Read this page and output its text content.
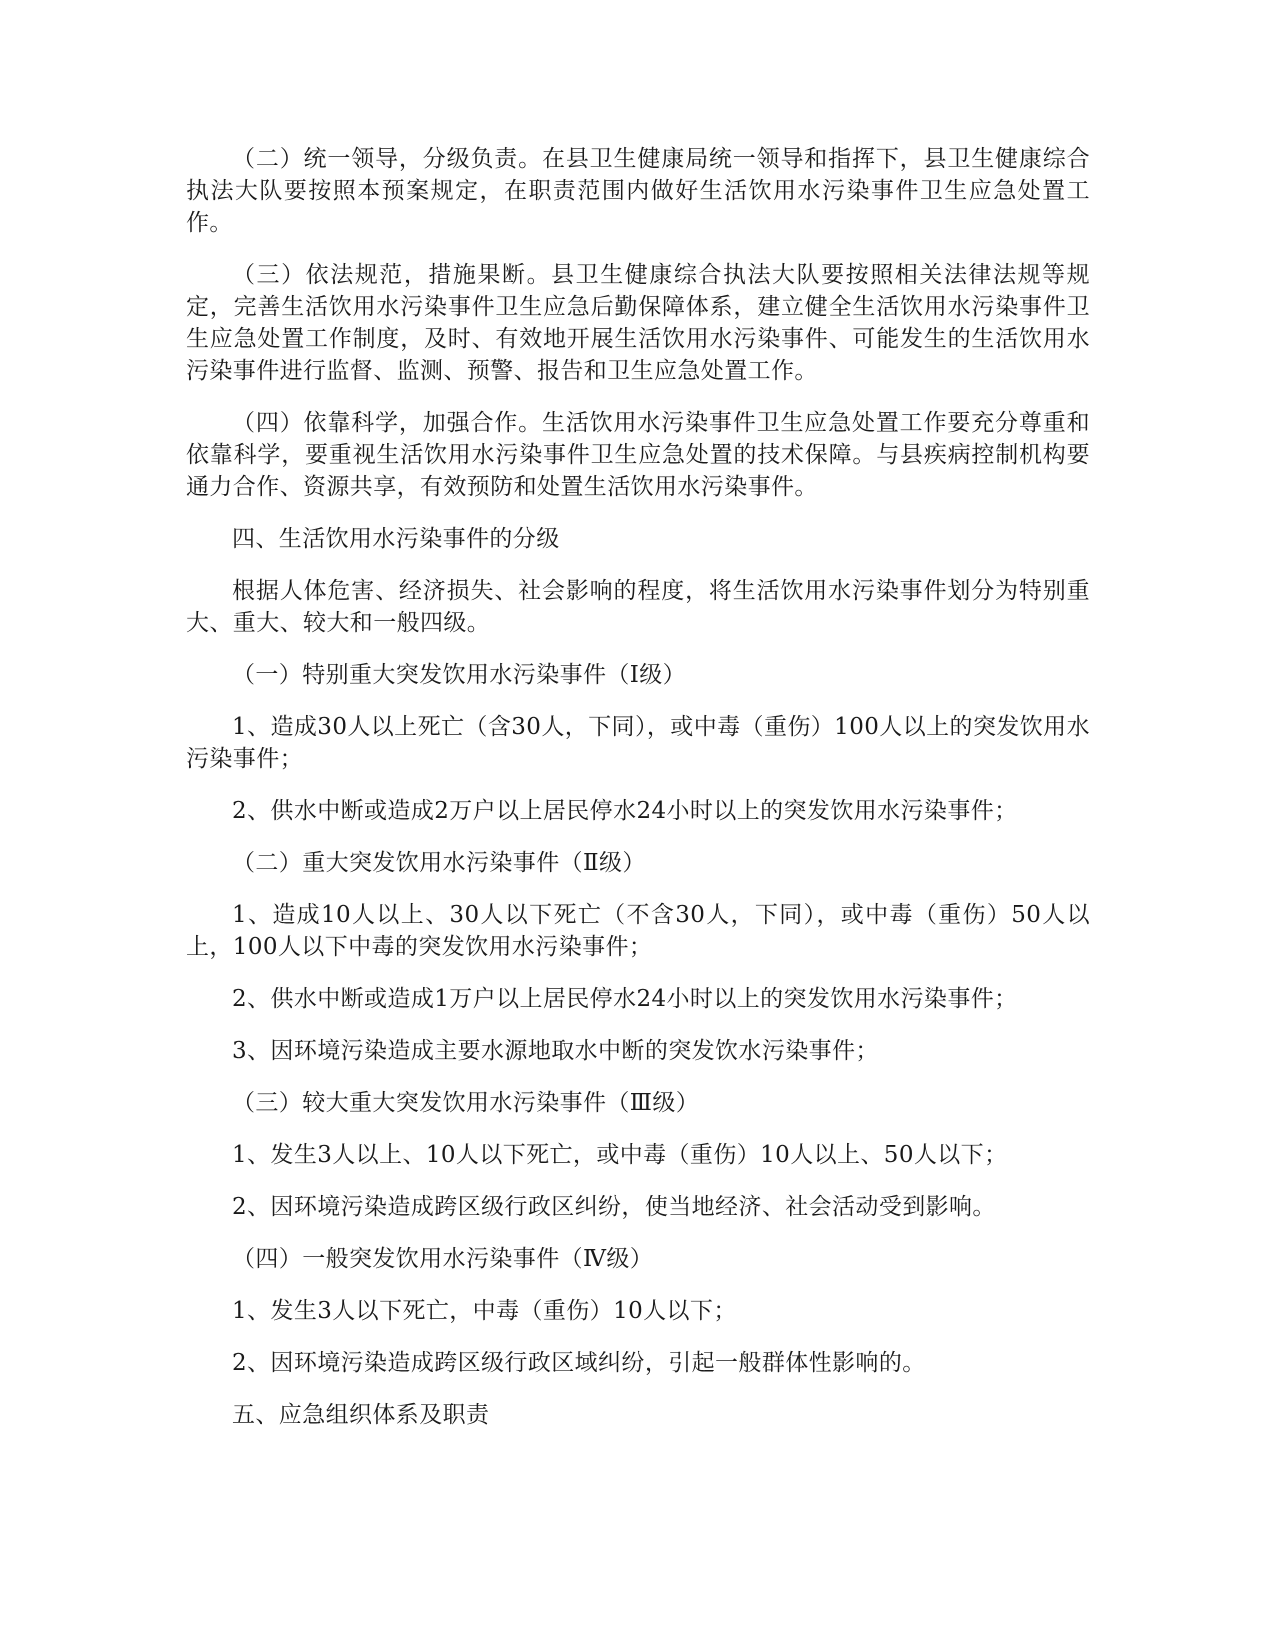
（二）统一领导，分级负责。在县卫生健康局统一领导和指挥下，县卫生健康综合执法大队要按照本预案规定，在职责范围内做好生活饮用水污染事件卫生应急处置工作。

（三）依法规范，措施果断。县卫生健康综合执法大队要按照相关法律法规等规定，完善生活饮用水污染事件卫生应急后勤保障体系，建立健全生活饮用水污染事件卫生应急处置工作制度，及时、有效地开展生活饮用水污染事件、可能发生的生活饮用水污染事件进行监督、监测、预警、报告和卫生应急处置工作。

（四）依靠科学，加强合作。生活饮用水污染事件卫生应急处置工作要充分尊重和依靠科学，要重视生活饮用水污染事件卫生应急处置的技术保障。与县疾病控制机构要通力合作、资源共享，有效预防和处置生活饮用水污染事件。

四、生活饮用水污染事件的分级

根据人体危害、经济损失、社会影响的程度，将生活饮用水污染事件划分为特别重大、重大、较大和一般四级。

（一）特别重大突发饮用水污染事件（Ⅰ级）

1、造成30人以上死亡（含30人，下同），或中毒（重伤）100人以上的突发饮用水污染事件；

2、供水中断或造成2万户以上居民停水24小时以上的突发饮用水污染事件；

（二）重大突发饮用水污染事件（Ⅱ级）

1、造成10人以上、30人以下死亡（不含30人，下同），或中毒（重伤）50人以上，100人以下中毒的突发饮用水污染事件；

2、供水中断或造成1万户以上居民停水24小时以上的突发饮用水污染事件；

3、因环境污染造成主要水源地取水中断的突发饮水污染事件；

（三）较大重大突发饮用水污染事件（Ⅲ级）

1、发生3人以上、10人以下死亡，或中毒（重伤）10人以上、50人以下；

2、因环境污染造成跨区级行政区纠纷，使当地经济、社会活动受到影响。

（四）一般突发饮用水污染事件（Ⅳ级）

1、发生3人以下死亡，中毒（重伤）10人以下；

2、因环境污染造成跨区级行政区域纠纷，引起一般群体性影响的。

五、应急组织体系及职责
